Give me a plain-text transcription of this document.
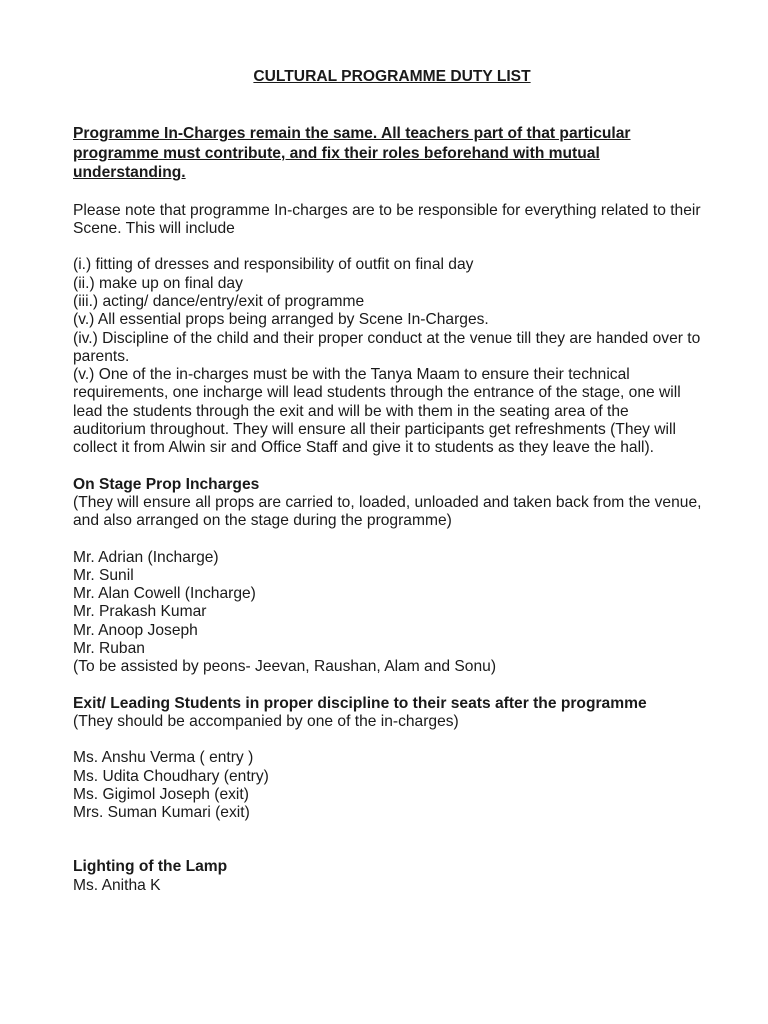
CULTURAL PROGRAMME DUTY LIST

Programme In-Charges remain the same. All teachers part of that particular programme must contribute, and fix their roles beforehand with mutual understanding.

Please note that programme In-charges are to be responsible for everything related to their Scene. This will include

(i.) fitting of dresses and responsibility of outfit on final day

(ii.) make up on final day

(iii.) acting/ dance/entry/exit of programme

(v.) All essential props being arranged by Scene In-Charges.

(iv.) Discipline of the child and their proper conduct at the venue till they are handed over to parents.

(v.) One of the in-charges must be with the Tanya Maam to ensure their technical requirements, one incharge will lead students through the entrance of the stage, one will lead the students through the exit and will be with them in the seating area of the auditorium throughout. They will ensure all their participants get refreshments (They will collect it from Alwin sir and Office Staff and give it to students as they leave the hall).

On Stage Prop Incharges

(They will ensure all props are carried to, loaded, unloaded and taken back from the venue, and also arranged on the stage during the programme)

Mr. Adrian (Incharge)

Mr. Sunil

Mr. Alan Cowell (Incharge)

Mr. Prakash Kumar

Mr. Anoop Joseph

Mr. Ruban

(To be assisted by peons- Jeevan, Raushan, Alam and Sonu)

Exit/ Leading Students in proper discipline to their seats after the programme

(They should be accompanied by one of the in-charges)

Ms. Anshu Verma ( entry )

Ms. Udita Choudhary (entry)

Ms. Gigimol Joseph (exit)

Mrs. Suman Kumari (exit)

Lighting of the Lamp

Ms. Anitha K
